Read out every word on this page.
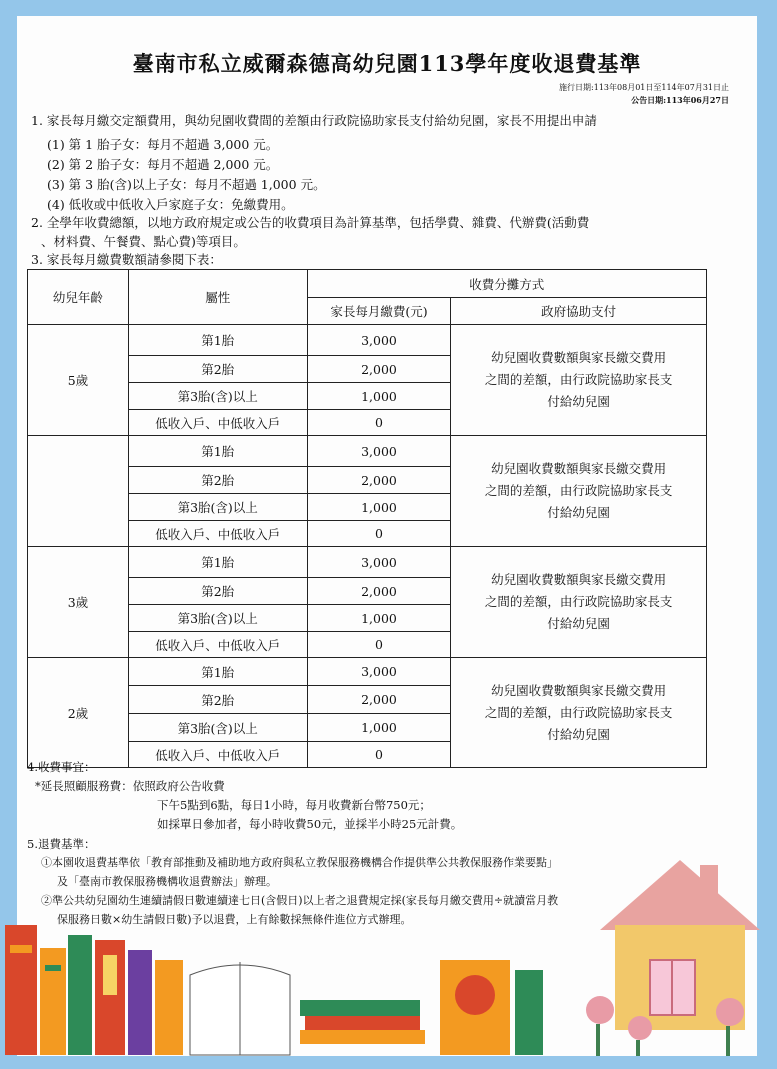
臺南市私立威爾森德高幼兒園113學年度收退費基準
施行日期:113年08月01日至114年07月31日止
公告日期:113年06月27日
1. 家長每月繳交定額費用，與幼兒園收費間的差額由行政院協助家長支付給幼兒園，家長不用提出申請
(1) 第 1 胎子女：每月不超過 3,000 元。
(2) 第 2 胎子女：每月不超過 2,000 元。
(3) 第 3 胎(含)以上子女：每月不超過 1,000 元。
(4) 低收或中低收入戶家庭子女：免繳費用。
2. 全學年收費總額，以地方政府規定或公告的收費項目為計算基準，包括學費、雜費、代辦費(活動費
、材料費、午餐費、點心費)等項目。
3. 家長每月繳費數額請參閱下表：
幼兒年齡	屬性	收費分攤方式	
		家長每月繳費(元)	政府協助支付
5歲	第1胎	3,000	幼兒園收費數額與家長繳交費用
之間的差額，由行政院協助家長支
付給幼兒園

	第2胎	2,000	
	第3胎(含)以上	1,000	
	低收入戶、中低收入戶	0	
	第1胎	3,000	幼兒園收費數額與家長繳交費用
之間的差額，由行政院協助家長支
付給幼兒園

	第2胎	2,000	
	第3胎(含)以上	1,000	
	低收入戶、中低收入戶	0	
3歲	第1胎	3,000	幼兒園收費數額與家長繳交費用
之間的差額，由行政院協助家長支
付給幼兒園

	第2胎	2,000	
	第3胎(含)以上	1,000	
	低收入戶、中低收入戶	0	
2歲	第1胎	3,000	幼兒園收費數額與家長繳交費用
之間的差額，由行政院協助家長支
付給幼兒園

	第2胎	2,000	
	第3胎(含)以上	1,000	
	低收入戶、中低收入戶	0	
4.收費事宜：
*延長照顧服務費：依照政府公告收費
下午5點到6點，每日1小時，每月收費新台幣750元；
如採單日參加者，每小時收費50元，並採半小時25元計費。
5.退費基準：
①本園收退費基準依「教育部推動及補助地方政府與私立教保服務機構合作提供準公共教保服務作業要點」
及「臺南市教保服務機構收退費辦法」辦理。
②準公共幼兒園幼生連續請假日數連續達七日(含假日)以上者之退費規定採(家長每月繳交費用÷就讀當月教
保服務日數×幼生請假日數)予以退費，上有餘數採無條件進位方式辦理。
